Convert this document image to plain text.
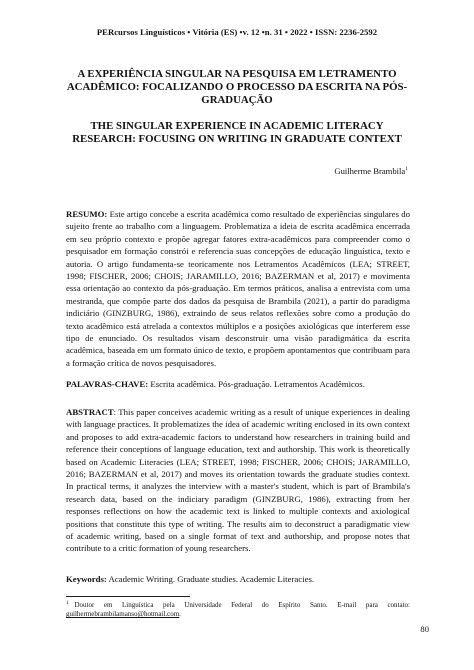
PERcursos Linguísticos • Vitória (ES) •v. 12 •n. 31 • 2022 • ISSN: 2236-2592
A EXPERIÊNCIA SINGULAR NA PESQUISA EM LETRAMENTO ACADÊMICO: FOCALIZANDO O PROCESSO DA ESCRITA NA PÓS-GRADUAÇÃO
THE SINGULAR EXPERIENCE IN ACADEMIC LITERACY RESEARCH: FOCUSING ON WRITING IN GRADUATE CONTEXT
Guilherme Brambila$^1$
RESUMO: Este artigo concebe a escrita acadêmica como resultado de experiências singulares do sujeito frente ao trabalho com a linguagem. Problematiza a ideia de escrita acadêmica encerrada em seu próprio contexto e propõe agregar fatores extra-acadêmicos para compreender como o pesquisador em formação constrói e referencia suas concepções de educação linguística, texto e autoria. O artigo fundamenta-se teoricamente nos Letramentos Acadêmicos (LEA; STREET, 1998; FISCHER, 2006; CHOIS; JARAMILLO, 2016; BAZERMAN et al, 2017) e movimenta essa orientação ao contexto da pós-graduação. Em termos práticos, analisa a entrevista com uma mestranda, que compõe parte dos dados da pesquisa de Brambila (2021), a partir do paradigma indiciário (GINZBURG, 1986), extraindo de seus relatos reflexões sobre como a produção do texto acadêmico está atrelada a contextos múltiplos e a posições axiológicas que interferem esse tipo de enunciado. Os resultados visam desconstruir uma visão paradigmática da escrita acadêmica, baseada em um formato único de texto, e propõem apontamentos que contribuam para a formação crítica de novos pesquisadores.
PALAVRAS-CHAVE: Escrita acadêmica. Pós-graduação. Letramentos Acadêmicos.
ABSTRACT: This paper conceives academic writing as a result of unique experiences in dealing with language practices. It problematizes the idea of academic writing enclosed in its own context and proposes to add extra-academic factors to understand how researchers in training build and reference their conceptions of language education, text and authorship. This work is theoretically based on Academic Literacies (LEA; STREET, 1998; FISCHER, 2006; CHOIS; JARAMILLO, 2016; BAZERMAN et al, 2017) and moves its orientation towards the graduate studies context. In practical terms, it analyzes the interview with a master's student, which is part of Brambila's research data, based on the indiciary paradigm (GINZBURG, 1986), extracting from her responses reflections on how the academic text is linked to multiple contexts and axiological positions that constitute this type of writing. The results aim to deconstruct a paradigmatic view of academic writing, based on a single format of text and authorship, and propose notes that contribute to a critic formation of young researchers.
Keywords: Academic Writing. Graduate studies. Academic Literacies.
$^1$ Doutor em Linguística pela Universidade Federal do Espírito Santo. E-mail para contato: guilhermebrambilamanso@hotmail.com.
80
